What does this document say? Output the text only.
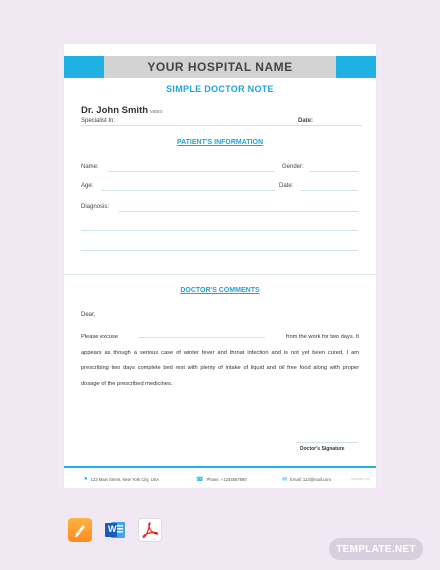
YOUR HOSPITAL NAME
SIMPLE DOCTOR NOTE
Dr. John Smith MBBS
Specialist In:	Date:
PATIENT'S INFORMATION
Name:	Gender:
Age:	Date:
Diagnosis:
DOCTOR'S COMMENTS
Dear,
Please excuse	from the work for two days. It
appears as though a serious case of winter fever and throat infection and is not yet been cured, I am prescribing two days complete bed rest with plenty of intake of liquid and oil free food along with proper dosage of the prescribed medicines.
Doctor's Signature
● 123 Main Street, New York City, USA	☎ Phone: +1234567890	✉ Email: 123@mail.com	Template.net
W
TEMPLATE.NET
